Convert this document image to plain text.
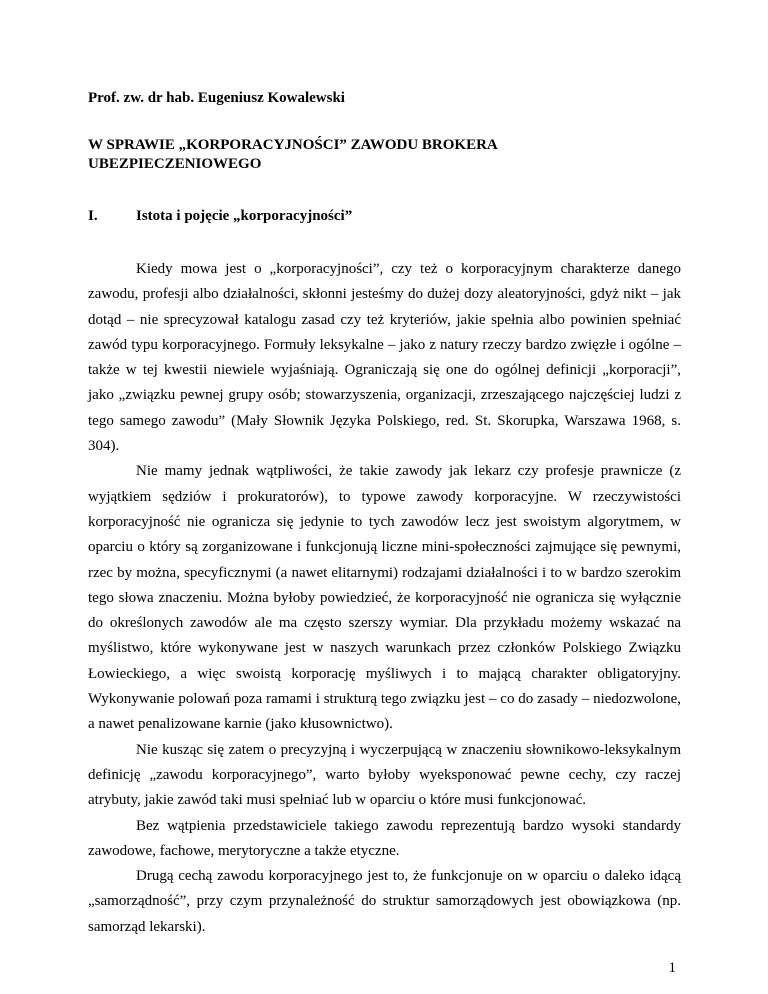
Prof. zw. dr hab. Eugeniusz Kowalewski
W SPRAWIE „KORPORACYJNOŚCI” ZAWODU BROKERA
UBEZPIECZENIOWEGO
I.	Istota i pojęcie „korporacyjności”

Kiedy mowa jest o „korporacyjności”, czy też o korporacyjnym charakterze danego zawodu, profesji albo działalności, skłonni jesteśmy do dużej dozy aleatoryjności, gdyż nikt – jak dotąd – nie sprecyzował katalogu zasad czy też kryteriów, jakie spełnia albo powinien spełniać zawód typu korporacyjnego. Formuły leksykalne – jako z natury rzeczy bardzo zwięzłe i ogólne – także w tej kwestii niewiele wyjaśniają. Ograniczają się one do ogólnej definicji „korporacji”, jako „związku pewnej grupy osób; stowarzyszenia, organizacji, zrzeszającego najczęściej ludzi z tego samego zawodu” (Mały Słownik Języka Polskiego, red. St. Skorupka, Warszawa 1968, s. 304).

Nie mamy jednak wątpliwości, że takie zawody jak lekarz czy profesje prawnicze (z wyjątkiem sędziów i prokuratorów), to typowe zawody korporacyjne. W rzeczywistości korporacyjność nie ogranicza się jedynie to tych zawodów lecz jest swoistym algorytmem, w oparciu o który są zorganizowane i funkcjonują liczne mini-społeczności zajmujące się pewnymi, rzec by można, specyficznymi (a nawet elitarnymi) rodzajami działalności i to w bardzo szerokim tego słowa znaczeniu. Można byłoby powiedzieć, że korporacyjność nie ogranicza się wyłącznie do określonych zawodów ale ma często szerszy wymiar. Dla przykładu możemy wskazać na myślistwo, które wykonywane jest w naszych warunkach przez członków Polskiego Związku Łowieckiego, a więc swoistą korporację myśliwych i to mającą charakter obligatoryjny. Wykonywanie polowań poza ramami i strukturą tego związku jest – co do zasady – niedozwolone, a nawet penalizowane karnie (jako kłusownictwo).

Nie kusząc się zatem o precyzyjną i wyczerpującą w znaczeniu słownikowo-leksykalnym definicję „zawodu korporacyjnego”, warto byłoby wyeksponować pewne cechy, czy raczej atrybuty, jakie zawód taki musi spełniać lub w oparciu o które musi funkcjonować.

Bez wątpienia przedstawiciele takiego zawodu reprezentują bardzo wysoki standardy zawodowe, fachowe, merytoryczne a także etyczne.

Drugą cechą zawodu korporacyjnego jest to, że funkcjonuje on w oparciu o daleko idącą „samorządność”, przy czym przynależność do struktur samorządowych jest obowiązkowa (np. samorząd lekarski).

1
